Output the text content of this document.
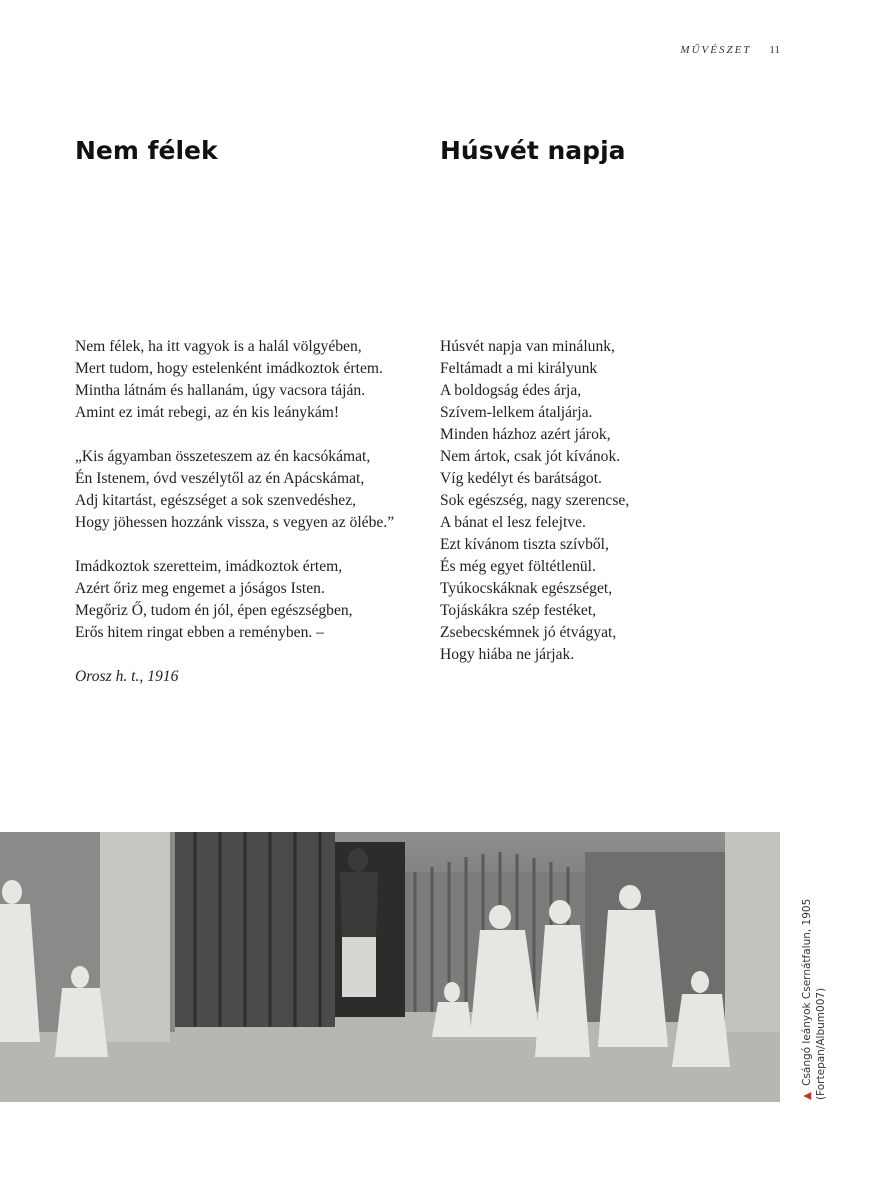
MŰVÉSZET 11
Nem félek	Húsvét napja
Nem félek, ha itt vagyok is a halál völgyében,
Mert tudom, hogy estelenként imádkoztok értem.
Mintha látnám és hallanám, úgy vacsora táján.
Amint ez imát rebegi, az én kis leánykám!
„Kis ágyamban összeteszem az én kacsókámat,
Én Istenem, óvd veszélytől az én Apácskámat,
Adj kitartást, egészséget a sok szenvedéshez,
Hogy jöhessen hozzánk vissza, s vegyen az ölébe.”
Imádkoztok szeretteim, imádkoztok értem,
Azért őriz meg engemet a jóságos Isten.
Megőriz Ő, tudom én jól, épen egészségben,
Erős hitem ringat ebben a reményben. –
Orosz h. t., 1916
Húsvét napja van minálunk,
Feltámadt a mi királyunk
A boldogság édes árja,
Szívem-lelkem átaljárja.
Minden házhoz azért járok,
Nem ártok, csak jót kívánok.
Víg kedélyt és barátságot.
Sok egészség, nagy szerencse,
A bánat el lesz felejtve.
Ezt kívánom tiszta szívből,
És még egyet föltétlenül.
Tyúkocskáknak egészséget,
Tojáskákra szép festéket,
Zsebecskémnek jó étvágyat,
Hogy hiába ne járjak.
▲Csángó leányok Csernátfalun, 1905 (Fortepan/Album007)
